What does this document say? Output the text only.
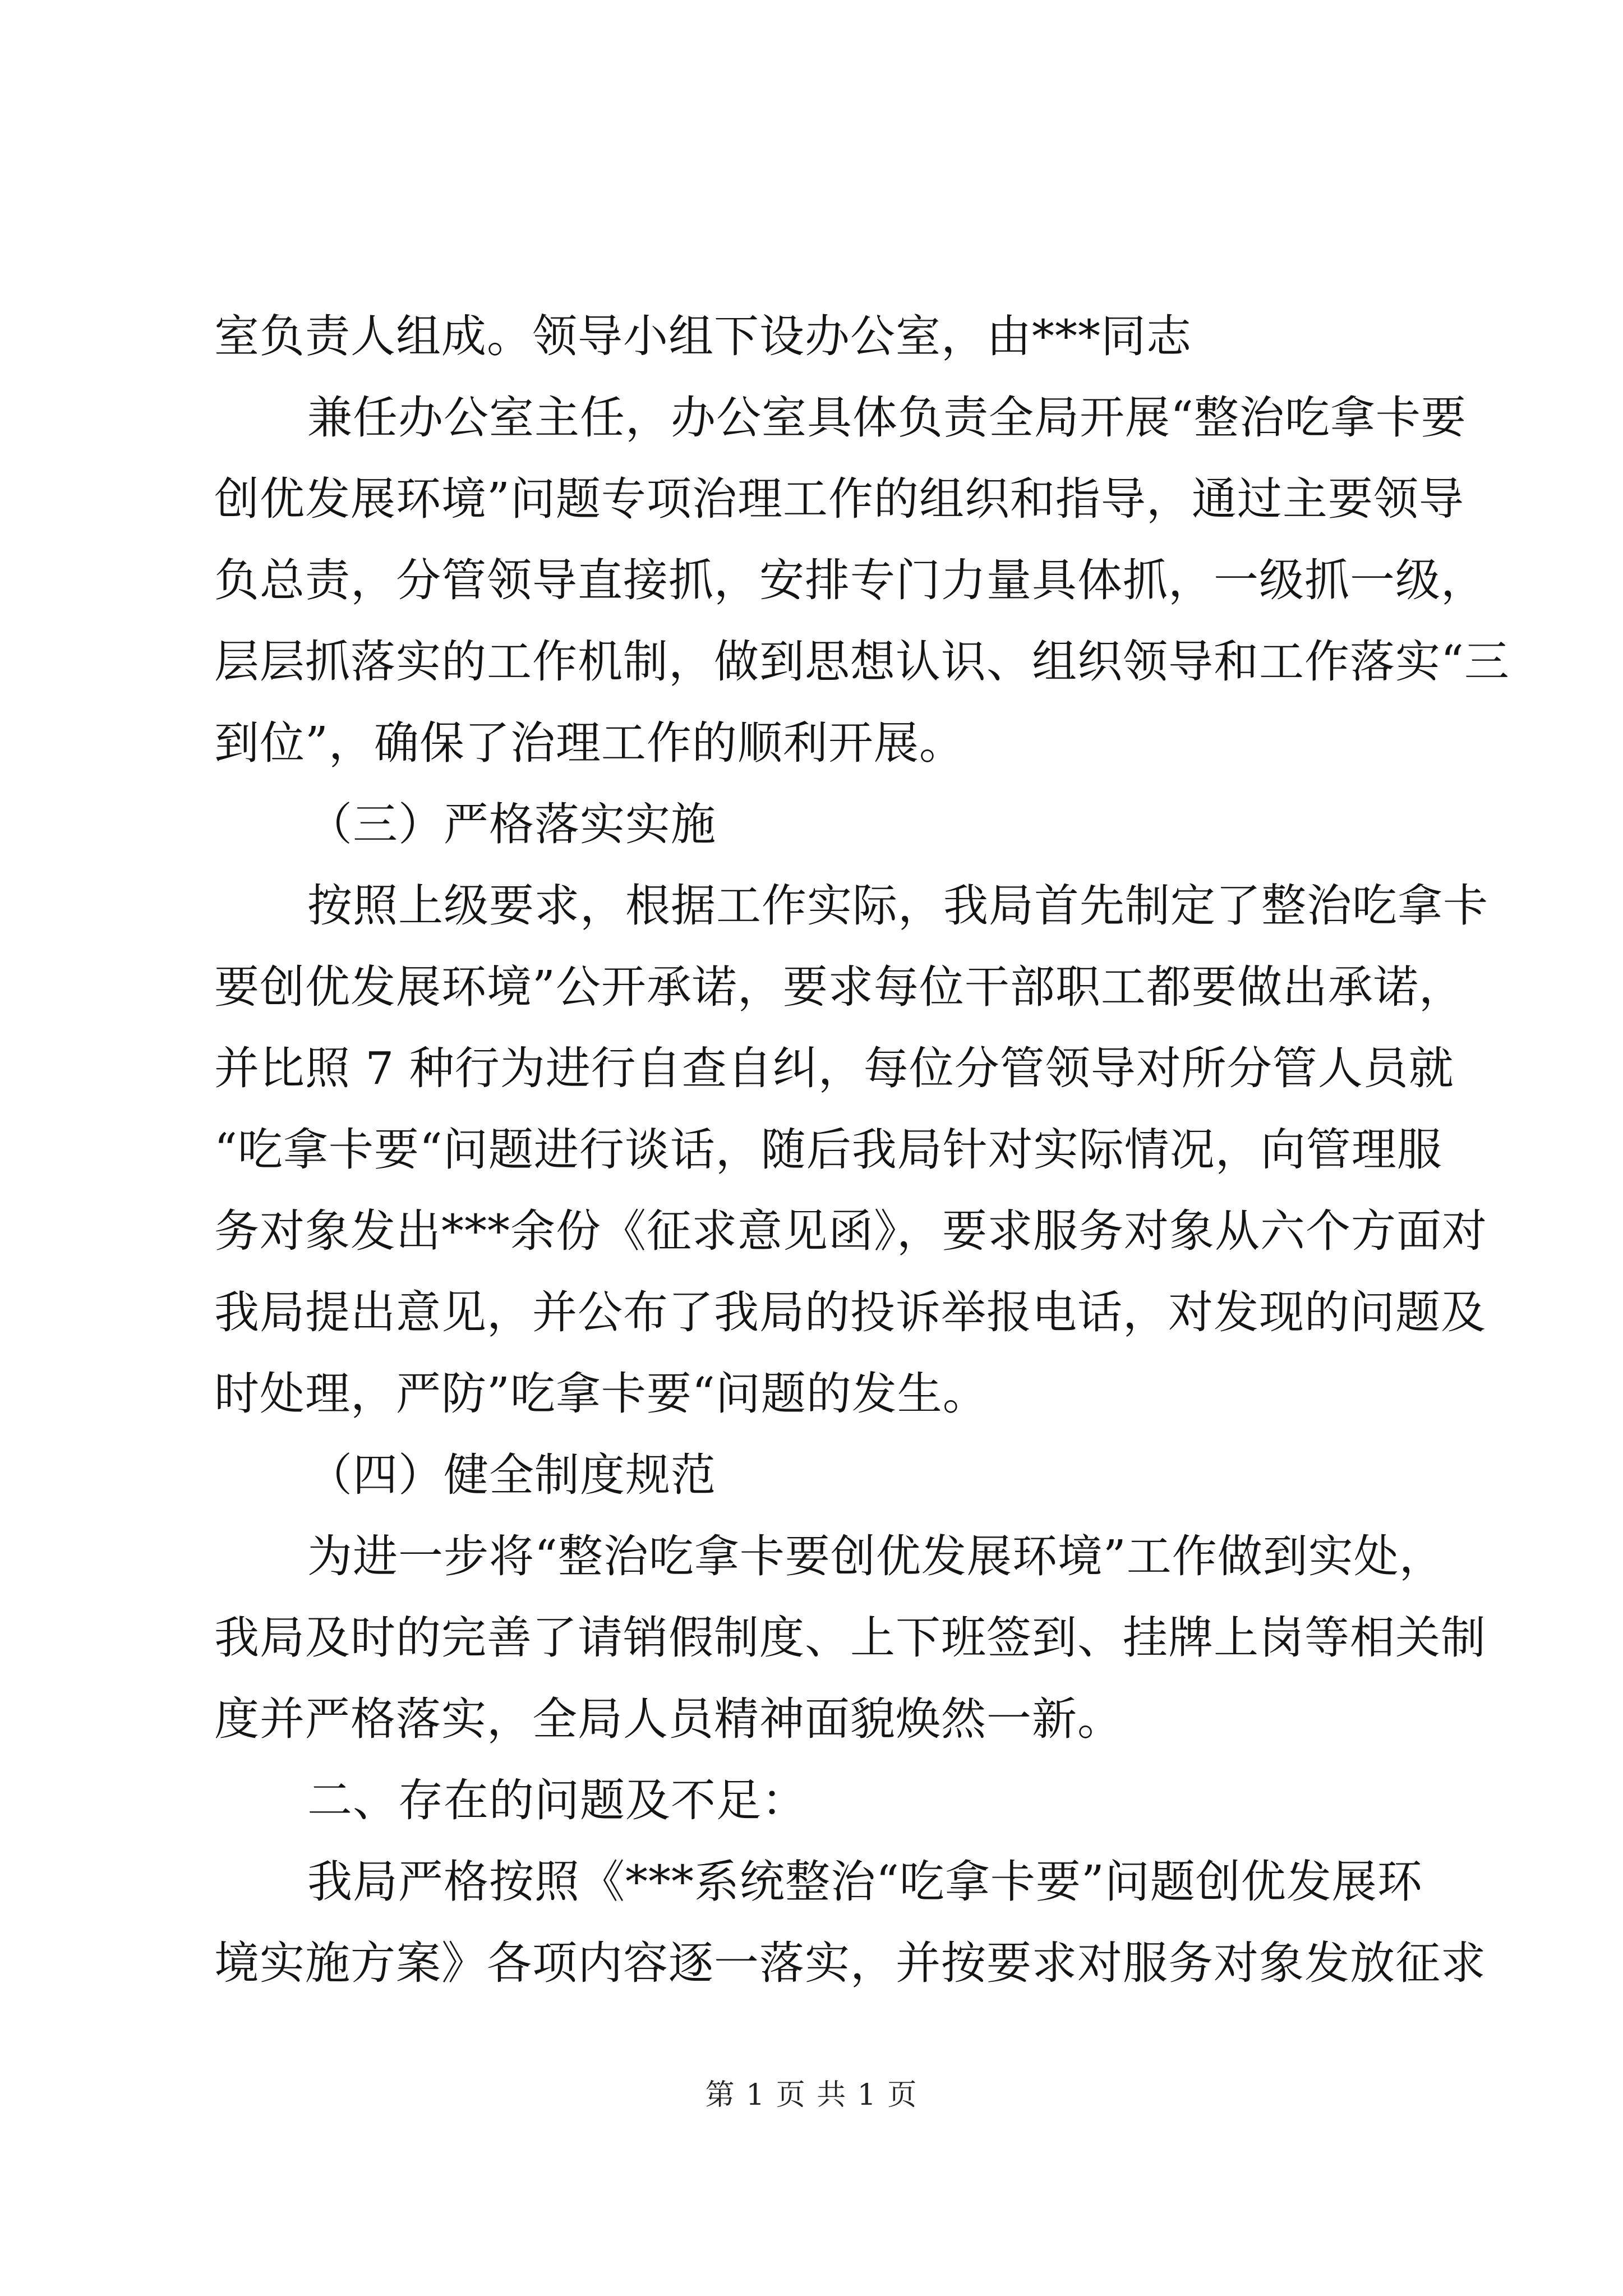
室负责人组成。领导小组下设办公室，由***同志
兼任办公室主任，办公室具体负责全局开展“整治吃拿卡要
创优发展环境”问题专项治理工作的组织和指导，通过主要领导
负总责，分管领导直接抓，安排专门力量具体抓，一级抓一级，
层层抓落实的工作机制，做到思想认识、组织领导和工作落实“三
到位”，确保了治理工作的顺利开展。
（三）严格落实实施
按照上级要求，根据工作实际，我局首先制定了整治吃拿卡
要创优发展环境”公开承诺，要求每位干部职工都要做出承诺，
并比照 7 种行为进行自查自纠，每位分管领导对所分管人员就
“吃拿卡要“问题进行谈话，随后我局针对实际情况，向管理服
务对象发出***余份《征求意见函》，要求服务对象从六个方面对
我局提出意见，并公布了我局的投诉举报电话，对发现的问题及
时处理，严防”吃拿卡要“问题的发生。
（四）健全制度规范
为进一步将“整治吃拿卡要创优发展环境”工作做到实处，
我局及时的完善了请销假制度、上下班签到、挂牌上岗等相关制
度并严格落实，全局人员精神面貌焕然一新。
二、存在的问题及不足：
我局严格按照《***系统整治“吃拿卡要”问题创优发展环
境实施方案》各项内容逐一落实，并按要求对服务对象发放征求
第 1 页 共 1 页
